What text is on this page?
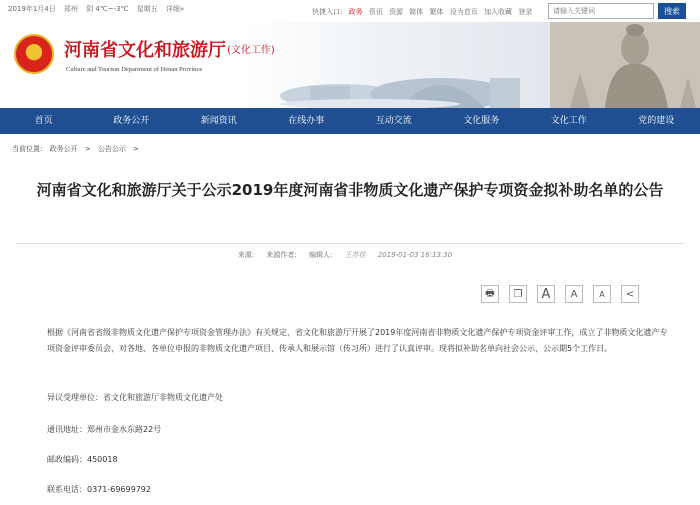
2019年1月4日 郑州 阴 4℃~-3℃ 星期五 详细»	快捷入口: 政务 资讯 资源 简体 繁体 设为首页 加入收藏 登录
请输入关键词	搜索
★
河南省文化和旅游厅 (文化工作)
Culture and Tourism Department of Henan Province
首页	政务公开	新闻资讯	在线办事	互动交流	文化服务	文化工作	党的建设
当前位置: 政务公开 > 公告公示 >
河南省文化和旅游厅关于公示2019年度河南省非物质文化遗产保护专项资金拟补助名单的公告
来源: 来源作者: 编辑人: 王苏佳 2019-01-03 16:13:30
🖶	❐	A	A	A	<
根据《河南省省级非物质文化遗产保护专项资金管理办法》有关规定，省文化和旅游厅开展了2019年度河南省非物质文化遗产保护专项资金评审工作，成立了非物质文化遗产专项资金评审委员会，对各地、各单位申报的非物质文化遗产项目、传承人和展示馆（传习所）进行了认真评审。现将拟补助名单向社会公示，公示期5个工作日。
异议受理单位：省文化和旅游厅非物质文化遗产处
通讯地址：郑州市金水东路22号
邮政编码：450018
联系电话：0371-69699792
